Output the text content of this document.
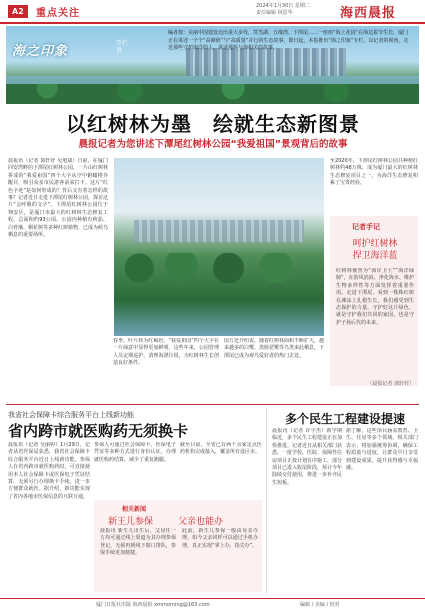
A2	重点关注
2024年1月30日 星期二
责任编辑 林思华	海西晨报
海之印象
开栏语
编者按：美丽中国建设迈出重大步伐，筼筜湖、五缘湾、下潭尾……一座座“海上花园”在海边拔节生长，厦门正在讲述一个个“高颜值”与“高质量”并行的生态故事。即日起，本报推出“海之印象”专栏，以记者的视角，走近那些守护海洋的人，讲述那些与海相关的故事。
以红树林为墨　绘就生态新图景
晨报记者为您讲述下潭尾红树林公园“我爱祖国”景观背后的故事
晨报讯（记者 郭轩妤 吴旭斌）日前，在厦门同安湾畔的下潭尾红树林公园，一片由红树林拼成的“我爱祖国”四个大字从空中俯瞰格外醒目，吸引众多市民游客前来打卡。这片“红色字迹”是如何形成的？背后又有着怎样的故事？记者近日走进下潭尾红树林公园，探访这片“会呼吸的文字”。下潭尾红树林公园位于翔安区，是厦门市最大的红树林生态修复工程，总面积约93公顷。公园内种植有秋茄、白骨壤、桐花树等多种红树植物，已成为候鸟栖息的重要场所。
春季，叶片转为红褐色，“我爱祖国”四个大字在一片绿意中显得更加鲜明。这些年来，公园管理人员定期巡护，清理海漂垃圾，为红树林生长创造良好条件。
园方还介绍说，随着红树林面积不断扩大，越来越多的白鹭、黑脸琵鹭等鸟类来此栖息，下潭尾已成为观鸟爱好者的热门去处。
至2020年，下潭尾红树林公园共种植红树林约48万株，成为厦门最大的红树林生态修复项目之一，为海洋生态修复积累了宝贵经验。
记者手记
呵护红树林
捍卫海洋蓝
红树林被誉为“海岸卫士”“海洋绿肺”，在防风消浪、净化海水、维护生物多样性等方面发挥着重要作用。走进下潭尾，看到一株株红树在滩涂上扎根生长，我们感受到生态保护的力量。守护好这片绿色，就是守护我们共同的家园，也是守护子孙后代的未来。
（晨报记者 郭轩妤）
我省社会保障卡综合服务平台上线新功能
省内跨市就医购药无须换卡
晨报讯（记者 吴丽婷）1月29日，记者从省医保局获悉，我省社会保障卡综合服务平台近日上线新功能，参保人在省内跨市就医购药时，可直接使用本人社会保障卡或医保电子凭证结算，无须另行办理换卡手续，进一步方便群众就医。据介绍，新功能实现了省内各地市医保信息的互联互通。
参保人可通过社会保障卡、医保电子凭证等多种方式进行身份认证，办理就医购药结算，减少了重复跑腿。
截至目前，全省已有两千余家定点医药机构完成接入，覆盖所有设区市。
相关新闻
新王儿参保	父亲也能办
晨报讯 新生儿出生后，父母任一方均可通过线上渠道为其办理参保登记，无须再到线下窗口排队，参保手续更加便捷。
此前，新生儿参保一般由母亲办理，如今父亲同样可以通过手机办理，真正实现“掌上办、指尖办”。
多个民生工程建设提速
晨报讯（记者 许宇杰）新学期临近，多个民生工程建设正在加快推进。记者近日从相关部门获悉，一批学校、医院、保障性住房项目正按计划有序施工，部分项目已进入收尾阶段，预计今年陆续交付使用，将进一步补齐民生短板。
据了解，这些项目涵盖教育、卫生、住房等多个领域。相关部门表示，将加强统筹协调，确保工程质量与进度，让群众早日享受到建设成果，提升获得感与幸福感。
厦门日报社出版 海西晨报 xmmorning@163.com	编辑 / 美编 / 校对
